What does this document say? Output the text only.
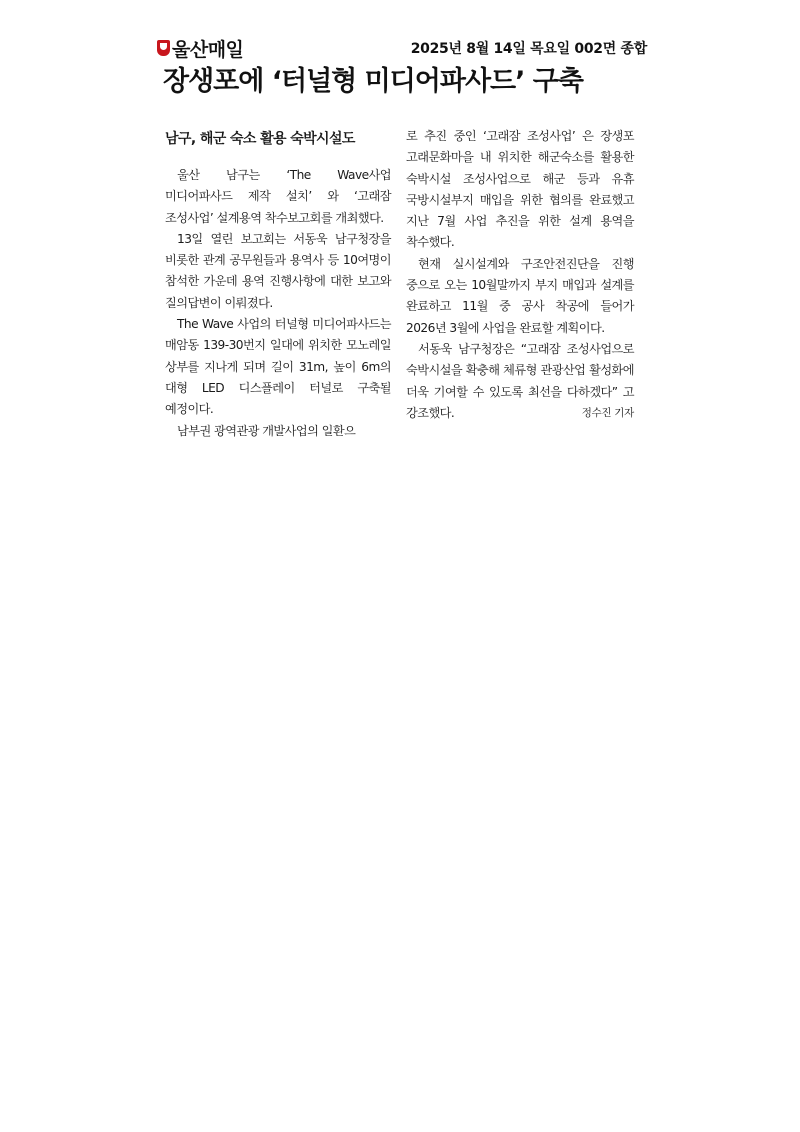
울산매일	2025년 8월 14일 목요일 002면 종합
장생포에 ‘터널형 미디어파사드’ 구축
남구, 해군 숙소 활용 숙박시설도

울산 남구는 ‘The Wave사업 미디어파사드 제작 설치’ 와 ‘고래잠 조성사업’ 설계용역 착수보고회를 개최했다.

13일 열린 보고회는 서동욱 남구청장을 비롯한 관계 공무원들과 용역사 등 10여명이 참석한 가운데 용역 진행사항에 대한 보고와 질의답변이 이뤄졌다.

The Wave 사업의 터널형 미디어파사드는 매암동 139-30번지 일대에 위치한 모노레일 상부를 지나게 되며 길이 31m, 높이 6m의 대형 LED 디스플레이 터널로 구축될 예정이다.

남부권 광역관광 개발사업의 일환으

로 추진 중인 ‘고래잠 조성사업’ 은 장생포 고래문화마을 내 위치한 해군숙소를 활용한 숙박시설 조성사업으로 해군 등과 유휴 국방시설부지 매입을 위한 협의를 완료했고 지난 7월 사업 추진을 위한 설계 용역을 착수했다.

현재 실시설계와 구조안전진단을 진행 중으로 오는 10월말까지 부지 매입과 설계를 완료하고 11월 중 공사 착공에 들어가 2026년 3월에 사업을 완료할 계획이다.

서동욱 남구청장은 “고래잠 조성사업으로 숙박시설을 확충해 체류형 관광산업 활성화에 더욱 기여할 수 있도록 최선을 다하겠다” 고 강조했다.	정수진 기자
